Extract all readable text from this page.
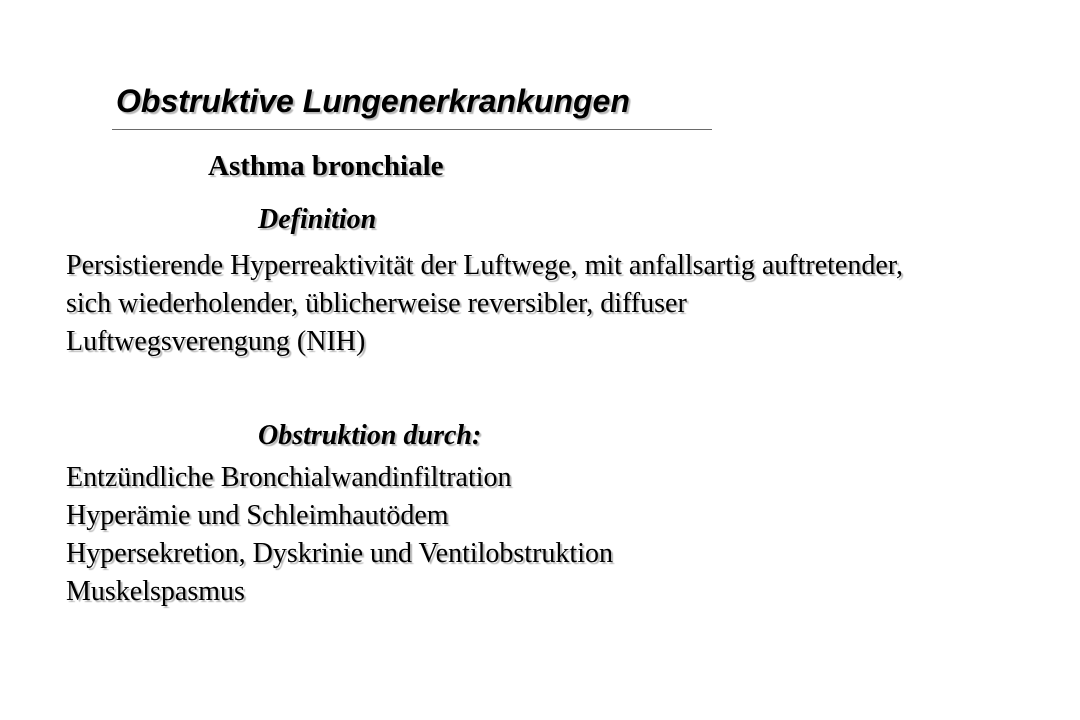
Obstruktive Lungenerkrankungen
Asthma bronchiale
Definition
Persistierende Hyperreaktivität der Luftwege, mit anfallsartig auftretender,
sich wiederholender, üblicherweise reversibler, diffuser
Luftwegsverengung (NIH)
Obstruktion durch:
Entzündliche Bronchialwandinfiltration
Hyperämie und Schleimhautödem
Hypersekretion, Dyskrinie und Ventilobstruktion
Muskelspasmus
